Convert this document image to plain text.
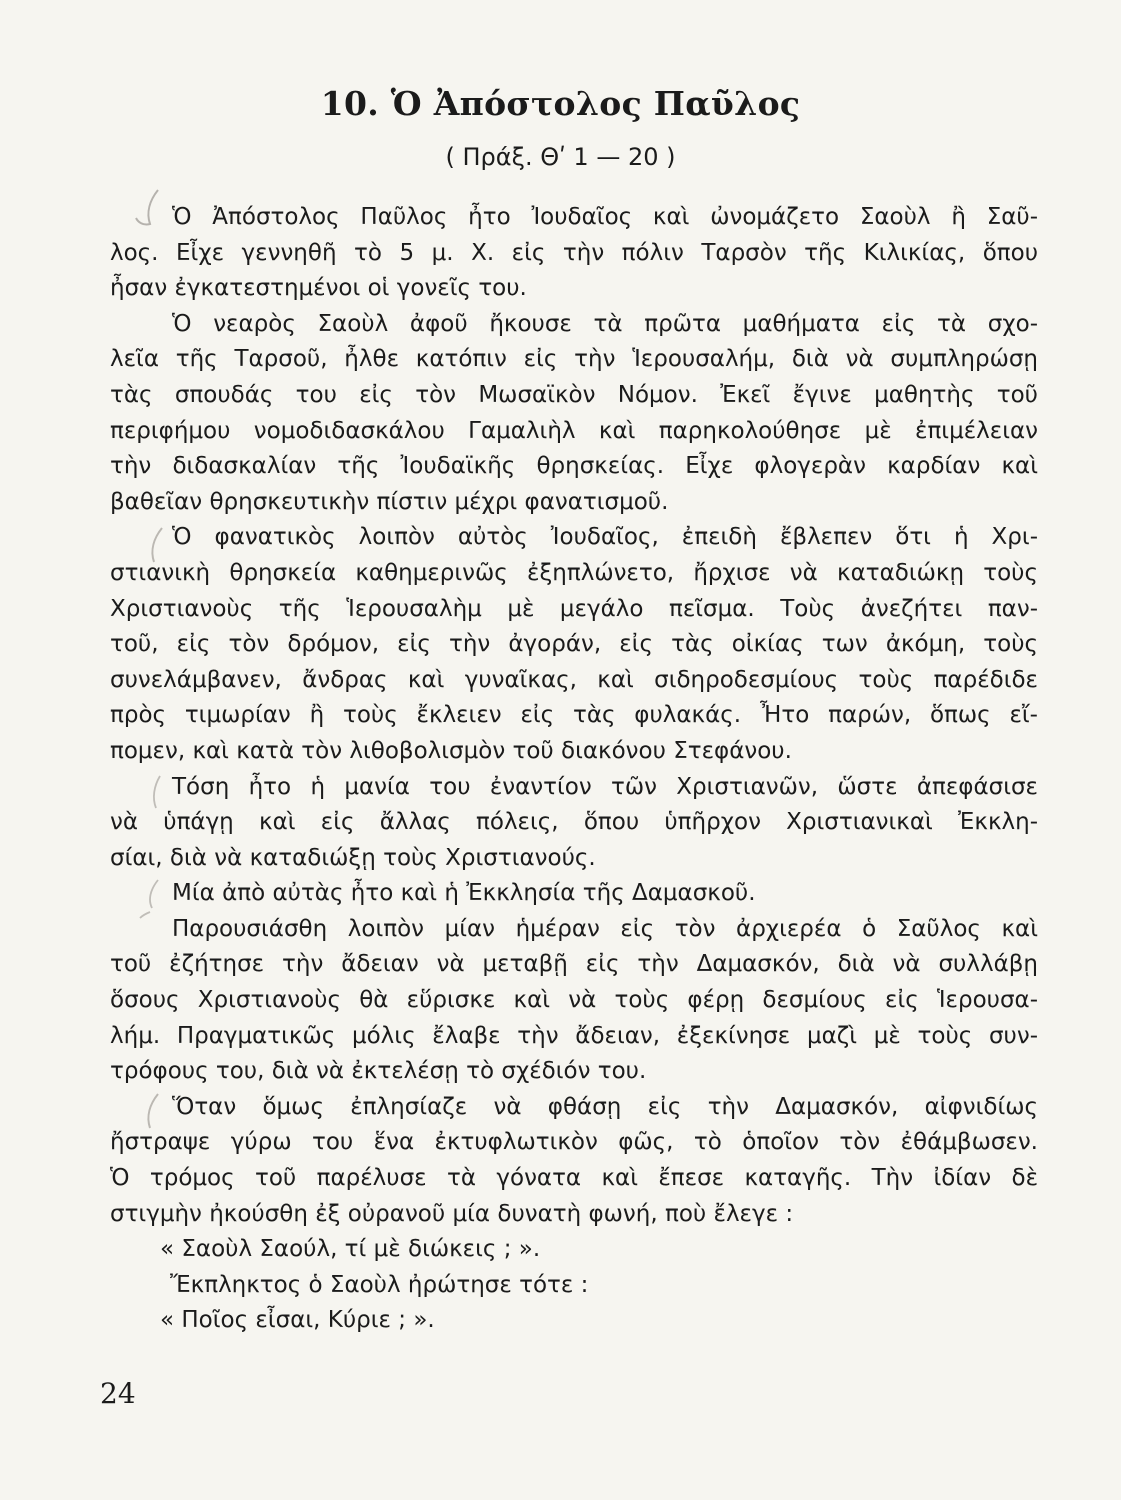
10. Ὁ Ἀπόστολος Παῦλος
( Πράξ. Θʹ 1 — 20 )
Ὁ Ἀπόστολος Παῦλος ἦτο Ἰουδαῖος καὶ ὠνομάζετο Σαοὺλ ἢ Σαῦ-
λος. Εἶχε γεννηθῆ τὸ 5 μ. Χ. εἰς τὴν πόλιν Ταρσὸν τῆς Κιλικίας, ὅπου
ἦσαν ἐγκατεστημένοι οἱ γονεῖς του.
Ὁ νεαρὸς Σαοὺλ ἀφοῦ ἤκουσε τὰ πρῶτα μαθήματα εἰς τὰ σχο-
λεῖα τῆς Ταρσοῦ, ἦλθε κατόπιν εἰς τὴν Ἱερουσαλήμ, διὰ νὰ συμπληρώσῃ
τὰς σπουδάς του εἰς τὸν Μωσαϊκὸν Νόμον. Ἐκεῖ ἔγινε μαθητὴς τοῦ
περιφήμου νομοδιδασκάλου Γαμαλιὴλ καὶ παρηκολούθησε μὲ ἐπιμέλειαν
τὴν διδασκαλίαν τῆς Ἰουδαϊκῆς θρησκείας. Εἶχε φλογερὰν καρδίαν καὶ
βαθεῖαν θρησκευτικὴν πίστιν μέχρι φανατισμοῦ.
Ὁ φανατικὸς λοιπὸν αὐτὸς Ἰουδαῖος, ἐπειδὴ ἔβλεπεν ὅτι ἡ Χρι-
στιανικὴ θρησκεία καθημερινῶς ἐξηπλώνετο, ἤρχισε νὰ καταδιώκῃ τοὺς
Χριστιανοὺς τῆς Ἱερουσαλὴμ μὲ μεγάλο πεῖσμα. Τοὺς ἀνεζήτει παν-
τοῦ, εἰς τὸν δρόμον, εἰς τὴν ἀγοράν, εἰς τὰς οἰκίας των ἀκόμη, τοὺς
συνελάμβανεν, ἄνδρας καὶ γυναῖκας, καὶ σιδηροδεσμίους τοὺς παρέδιδε
πρὸς τιμωρίαν ἢ τοὺς ἔκλειεν εἰς τὰς φυλακάς. Ἦτο παρών, ὅπως εἴ-
πομεν, καὶ κατὰ τὸν λιθοβολισμὸν τοῦ διακόνου Στεφάνου.
Τόση ἦτο ἡ μανία του ἐναντίον τῶν Χριστιανῶν, ὥστε ἀπεφάσισε
νὰ ὑπάγῃ καὶ εἰς ἄλλας πόλεις, ὅπου ὑπῆρχον Χριστιανικαὶ Ἐκκλη-
σίαι, διὰ νὰ καταδιώξῃ τοὺς Χριστιανούς.
Μία ἀπὸ αὐτὰς ἦτο καὶ ἡ Ἐκκλησία τῆς Δαμασκοῦ.
Παρουσιάσθη λοιπὸν μίαν ἡμέραν εἰς τὸν ἀρχιερέα ὁ Σαῦλος καὶ
τοῦ ἐζήτησε τὴν ἄδειαν νὰ μεταβῇ εἰς τὴν Δαμασκόν, διὰ νὰ συλλάβῃ
ὅσους Χριστιανοὺς θὰ εὕρισκε καὶ νὰ τοὺς φέρῃ δεσμίους εἰς Ἱερουσα-
λήμ. Πραγματικῶς μόλις ἔλαβε τὴν ἄδειαν, ἐξεκίνησε μαζὶ μὲ τοὺς συν-
τρόφους του, διὰ νὰ ἐκτελέσῃ τὸ σχέδιόν του.
Ὅταν ὅμως ἐπλησίαζε νὰ φθάσῃ εἰς τὴν Δαμασκόν, αἰφνιδίως
ἤστραψε γύρω του ἕνα ἐκτυφλωτικὸν φῶς, τὸ ὁποῖον τὸν ἐθάμβωσεν.
Ὁ τρόμος τοῦ παρέλυσε τὰ γόνατα καὶ ἔπεσε καταγῆς. Τὴν ἰδίαν δὲ
στιγμὴν ἠκούσθη ἐξ οὐρανοῦ μία δυνατὴ φωνή, ποὺ ἔλεγε :
« Σαοὺλ Σαούλ, τί μὲ διώκεις ; ».
Ἔκπληκτος ὁ Σαοὺλ ἠρώτησε τότε :
« Ποῖος εἶσαι, Κύριε ; ».
24
